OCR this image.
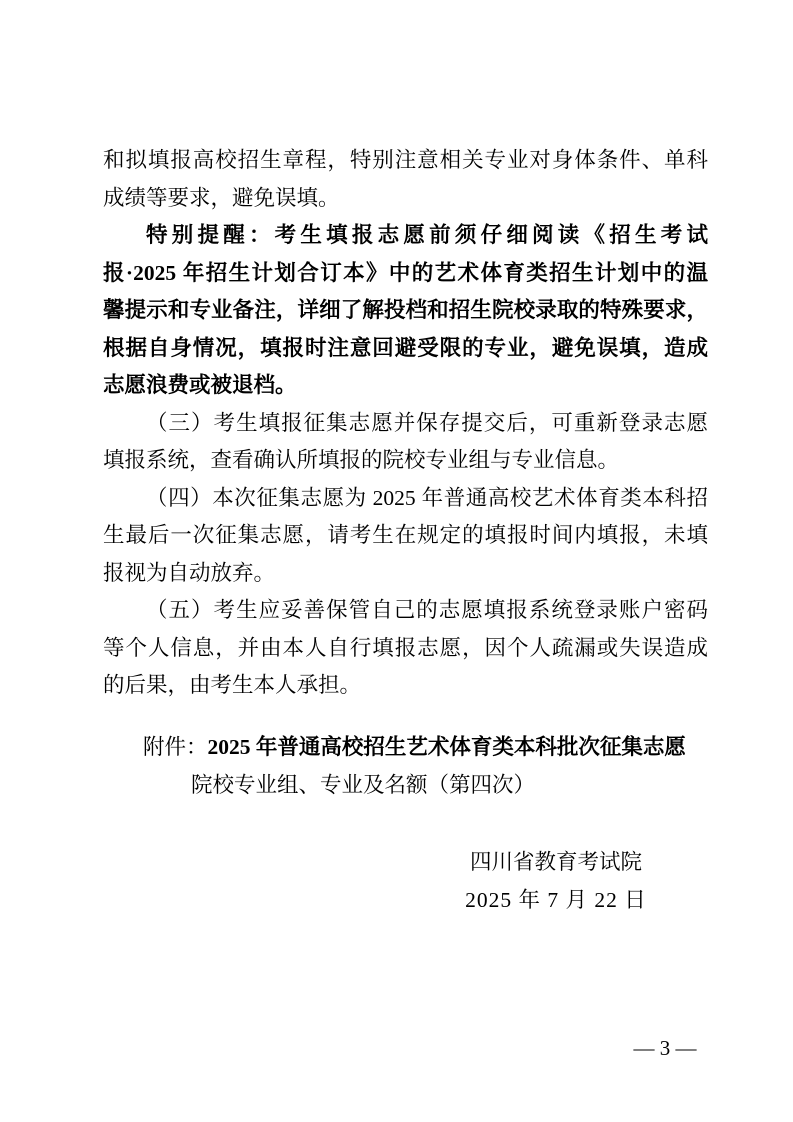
和拟填报高校招生章程，特别注意相关专业对身体条件、单科
成绩等要求，避免误填。
特别提醒：考生填报志愿前须仔细阅读《招生考试
报·2025 年招生计划合订本》中的艺术体育类招生计划中的温
馨提示和专业备注，详细了解投档和招生院校录取的特殊要求，
根据自身情况，填报时注意回避受限的专业，避免误填，造成
志愿浪费或被退档。
（三）考生填报征集志愿并保存提交后，可重新登录志愿
填报系统，查看确认所填报的院校专业组与专业信息。
（四）本次征集志愿为 2025 年普通高校艺术体育类本科招
生最后一次征集志愿，请考生在规定的填报时间内填报，未填
报视为自动放弃。
（五）考生应妥善保管自己的志愿填报系统登录账户密码
等个人信息，并由本人自行填报志愿，因个人疏漏或失误造成
的后果，由考生本人承担。
附件：2025 年普通高校招生艺术体育类本科批次征集志愿
院校专业组、专业及名额（第四次）
四川省教育考试院
2025 年 7 月 22 日
— 3 —
